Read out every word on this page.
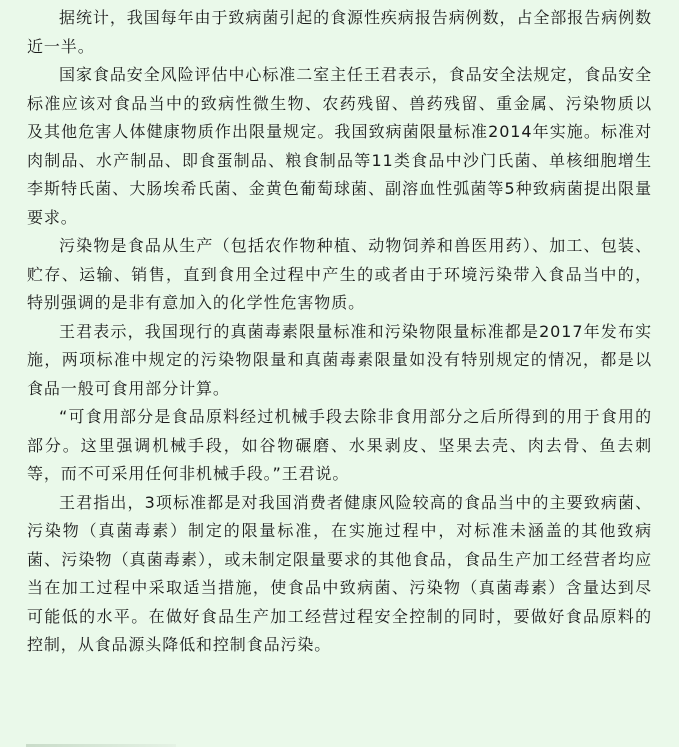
据统计，我国每年由于致病菌引起的食源性疾病报告病例数，占全部报告病例数近一半。

国家食品安全风险评估中心标准二室主任王君表示，食品安全法规定，食品安全标准应该对食品当中的致病性微生物、农药残留、兽药残留、重金属、污染物质以及其他危害人体健康物质作出限量规定。我国致病菌限量标准2014年实施。标准对肉制品、水产制品、即食蛋制品、粮食制品等11类食品中沙门氏菌、单核细胞增生李斯特氏菌、大肠埃希氏菌、金黄色葡萄球菌、副溶血性弧菌等5种致病菌提出限量要求。

污染物是食品从生产（包括农作物种植、动物饲养和兽医用药）、加工、包装、贮存、运输、销售，直到食用全过程中产生的或者由于环境污染带入食品当中的，特别强调的是非有意加入的化学性危害物质。

王君表示，我国现行的真菌毒素限量标准和污染物限量标准都是2017年发布实施，两项标准中规定的污染物限量和真菌毒素限量如没有特别规定的情况，都是以食品一般可食用部分计算。

“可食用部分是食品原料经过机械手段去除非食用部分之后所得到的用于食用的部分。这里强调机械手段，如谷物碾磨、水果剥皮、坚果去壳、肉去骨、鱼去刺等，而不可采用任何非机械手段。”王君说。

王君指出，3项标准都是对我国消费者健康风险较高的食品当中的主要致病菌、污染物（真菌毒素）制定的限量标准，在实施过程中，对标准未涵盖的其他致病菌、污染物（真菌毒素），或未制定限量要求的其他食品，食品生产加工经营者均应当在加工过程中采取适当措施，使食品中致病菌、污染物（真菌毒素）含量达到尽可能低的水平。在做好食品生产加工经营过程安全控制的同时，要做好食品原料的控制，从食品源头降低和控制食品污染。
